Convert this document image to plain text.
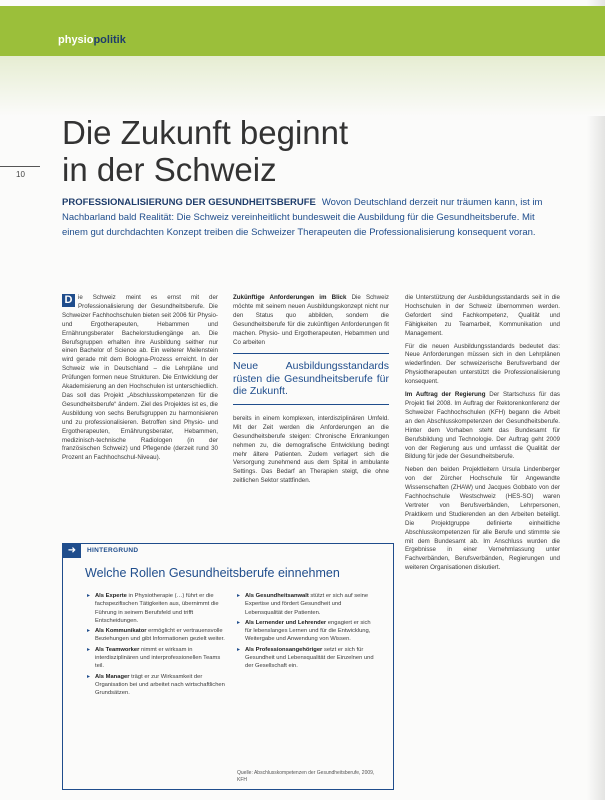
physiopolitik
Die Zukunft beginnt
in der Schweiz
10

PROFESSIONALISIERUNG DER GESUNDHEITSBERUFE Wovon Deutschland derzeit nur träumen kann, ist im Nachbarland bald Realität: Die Schweiz vereinheitlicht bundesweit die Ausbildung für die Gesundheitsberufe. Mit einem gut durchdachten Konzept treiben die Schweizer Therapeuten die Professionalisierung konsequent voran.

D ie Schweiz meint es ernst mit der Professionalisierung der Gesundheitsberufe. Die Schweizer Fachhochschulen bieten seit 2006 für Physio- und Ergotherapeuten, Hebammen und Ernährungsberater Bachelorstudiengänge an. Die Berufsgruppen erhalten ihre Ausbildung seither nur einen Bachelor of Science ab. Ein weiterer Meilenstein wird gerade mit dem Bologna-Prozess erreicht. In der Schweiz wie in Deutschland – die Lehrpläne und Prüfungen formen neue Strukturen. Die Entwicklung der Akademisierung an den Hochschulen ist unterschiedlich. Das soll das Projekt „Abschlusskompetenzen für die Gesundheitsberufe“ ändern. Ziel des Projektes ist es, die Ausbildung von sechs Berufsgruppen zu harmonisieren und zu professionalisieren. Betroffen sind Physio- und Ergotherapeuten, Ernährungsberater, Hebammen, medizinisch-technische Radiologen (in der französischen Schweiz) und Pflegende (derzeit rund 30 Prozent an Fachhochschul-Niveau).

Zukünftige Anforderungen im Blick Die Schweiz möchte mit seinem neuen Ausbildungskonzept nicht nur den Status quo abbilden, sondern die Gesundheitsberufe für die zukünftigen Anforderungen fit machen. Physio- und Ergotherapeuten, Hebammen und Co arbeiten

Neue Ausbildungsstandards rüsten die Gesundheitsberufe für die Zukunft.

bereits in einem komplexen, interdisziplinären Umfeld. Mit der Zeit werden die Anforderungen an die Gesundheitsberufe steigen: Chronische Erkrankungen nehmen zu, die demografische Entwicklung bedingt mehr ältere Patienten. Zudem verlagert sich die Versorgung zunehmend aus dem Spital in ambulante Settings. Das Bedarf an Therapien steigt, die ohne zeitlichen Sektor stattfinden.

die Unterstützung der Ausbildungsstandards seit in die Hochschulen in der Schweiz übernommen werden. Gefordert sind Fachkompetenz, Qualität und Fähigkeiten zu Teamarbeit, Kommunikation und Management.

Für die neuen Ausbildungsstandards bedeutet das: Neue Anforderungen müssen sich in den Lehrplänen wiederfinden. Der schweizerische Berufsverband der Physiotherapeuten unterstützt die Professionalisierung konsequent.

Im Auftrag der Regierung Der Startschuss für das Projekt fiel 2008. Im Auftrag der Rektorenkonferenz der Schweizer Fachhochschulen (KFH) begann die Arbeit an den Abschlusskompetenzen der Gesundheitsberufe. Hinter dem Vorhaben steht das Bundesamt für Berufsbildung und Technologie. Der Auftrag geht 2009 von der Regierung aus und umfasst die Qualität der Bildung für jede der Gesundheitsberufe.

Neben den beiden Projektleitern Ursula Lindenberger von der Zürcher Hochschule für Angewandte Wissenschaften (ZHAW) und Jacques Gobbato von der Fachhochschule Westschweiz (HES-SO) waren Vertreter von Berufsverbänden, Lehrpersonen, Praktikern und Studierenden an den Arbeiten beteiligt. Die Projektgruppe definierte einheitliche Abschlusskompetenzen für alle Berufe und stimmte sie mit dem Bundesamt ab. Im Anschluss wurden die Ergebnisse in einer Vernehmlassung unter Fachverbänden, Berufsverbänden, Regierungen und weiteren Organisationen diskutiert.

➜	HINTERGRUND
Welche Rollen Gesundheitsberufe einnehmen
▸ Als Experte in Physiotherapie (…) führt er die fachspezifischen Tätigkeiten aus, übernimmt die Führung in seinem Berufsfeld und trifft Entscheidungen.
▸ Als Kommunikator ermöglicht er vertrauensvolle Beziehungen und gibt Informationen gezielt weiter.
▸ Als Teamworker nimmt er wirksam in interdisziplinären und interprofessionellen Teams teil.
▸ Als Manager trägt er zur Wirksamkeit der Organisation bei und arbeitet nach wirtschaftlichen Grundsätzen.
▸ Als Gesundheitsanwalt stützt er sich auf seine Expertise und fördert Gesundheit und Lebensqualität der Patienten.
▸ Als Lernender und Lehrender engagiert er sich für lebenslanges Lernen und für die Entwicklung, Weitergabe und Anwendung von Wissen.
▸ Als Professionsangehöriger setzt er sich für Gesundheit und Lebensqualität der Einzelnen und der Gesellschaft ein.
Quelle: Abschlusskompetenzen der Gesundheitsberufe, 2009, KFH
